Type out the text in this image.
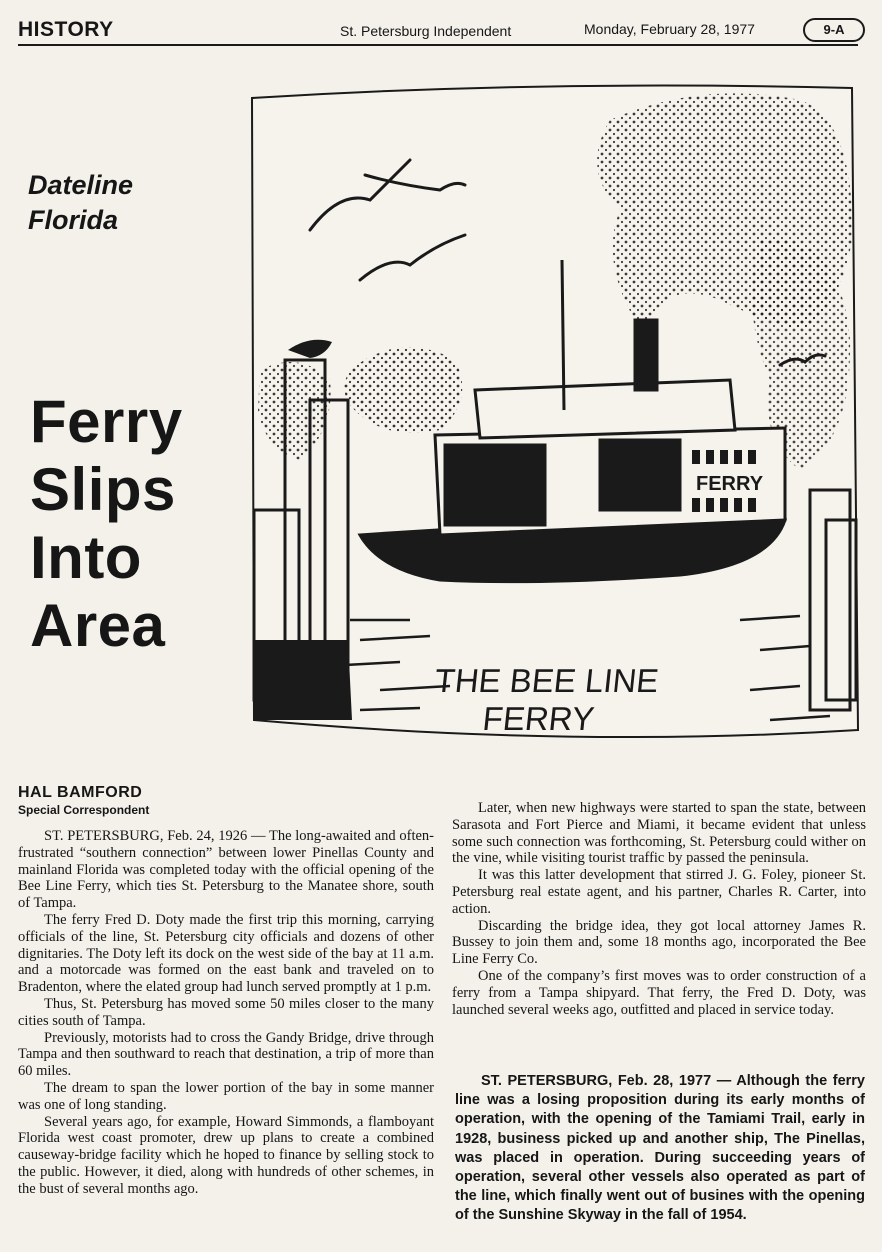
HISTORY	St. Petersburg Independent	Monday, February 28, 1977	9-A
Dateline
Florida
Ferry
Slips
Into
Area
FERRY
THE BEE LINE
FERRY
HAL BAMFORD
Special Correspondent

ST. PETERSBURG, Feb. 24, 1926 — The long-awaited and often-frustrated “southern connection” between lower Pinellas County and mainland Florida was completed today with the official opening of the Bee Line Ferry, which ties St. Petersburg to the Manatee shore, south of Tampa.

The ferry Fred D. Doty made the first trip this morning, carrying officials of the line, St. Petersburg city officials and dozens of other dignitaries. The Doty left its dock on the west side of the bay at 11 a.m. and a motorcade was formed on the east bank and traveled on to Bradenton, where the elated group had lunch served promptly at 1 p.m.

Thus, St. Petersburg has moved some 50 miles closer to the many cities south of Tampa.

Previously, motorists had to cross the Gandy Bridge, drive through Tampa and then southward to reach that destination, a trip of more than 60 miles.

The dream to span the lower portion of the bay in some manner was one of long standing.

Several years ago, for example, Howard Simmonds, a flamboyant Florida west coast promoter, drew up plans to create a combined causeway-bridge facility which he hoped to finance by selling stock to the public. However, it died, along with hundreds of other schemes, in the bust of several months ago.

Later, when new highways were started to span the state, between Sarasota and Fort Pierce and Miami, it became evident that unless some such connection was forthcoming, St. Petersburg could wither on the vine, while visiting tourist traffic by passed the peninsula.

It was this latter development that stirred J. G. Foley, pioneer St. Petersburg real estate agent, and his partner, Charles R. Carter, into action.

Discarding the bridge idea, they got local attorney James R. Bussey to join them and, some 18 months ago, incorporated the Bee Line Ferry Co.

One of the company’s first moves was to order construction of a ferry from a Tampa shipyard. That ferry, the Fred D. Doty, was launched several weeks ago, outfitted and placed in service today.

ST. PETERSBURG, Feb. 28, 1977 — Although the ferry line was a losing proposition during its early months of operation, with the opening of the Tamiami Trail, early in 1928, business picked up and another ship, The Pinellas, was placed in operation. During succeeding years of operation, several other vessels also operated as part of the line, which finally went out of busines with the opening of the Sunshine Skyway in the fall of 1954.
